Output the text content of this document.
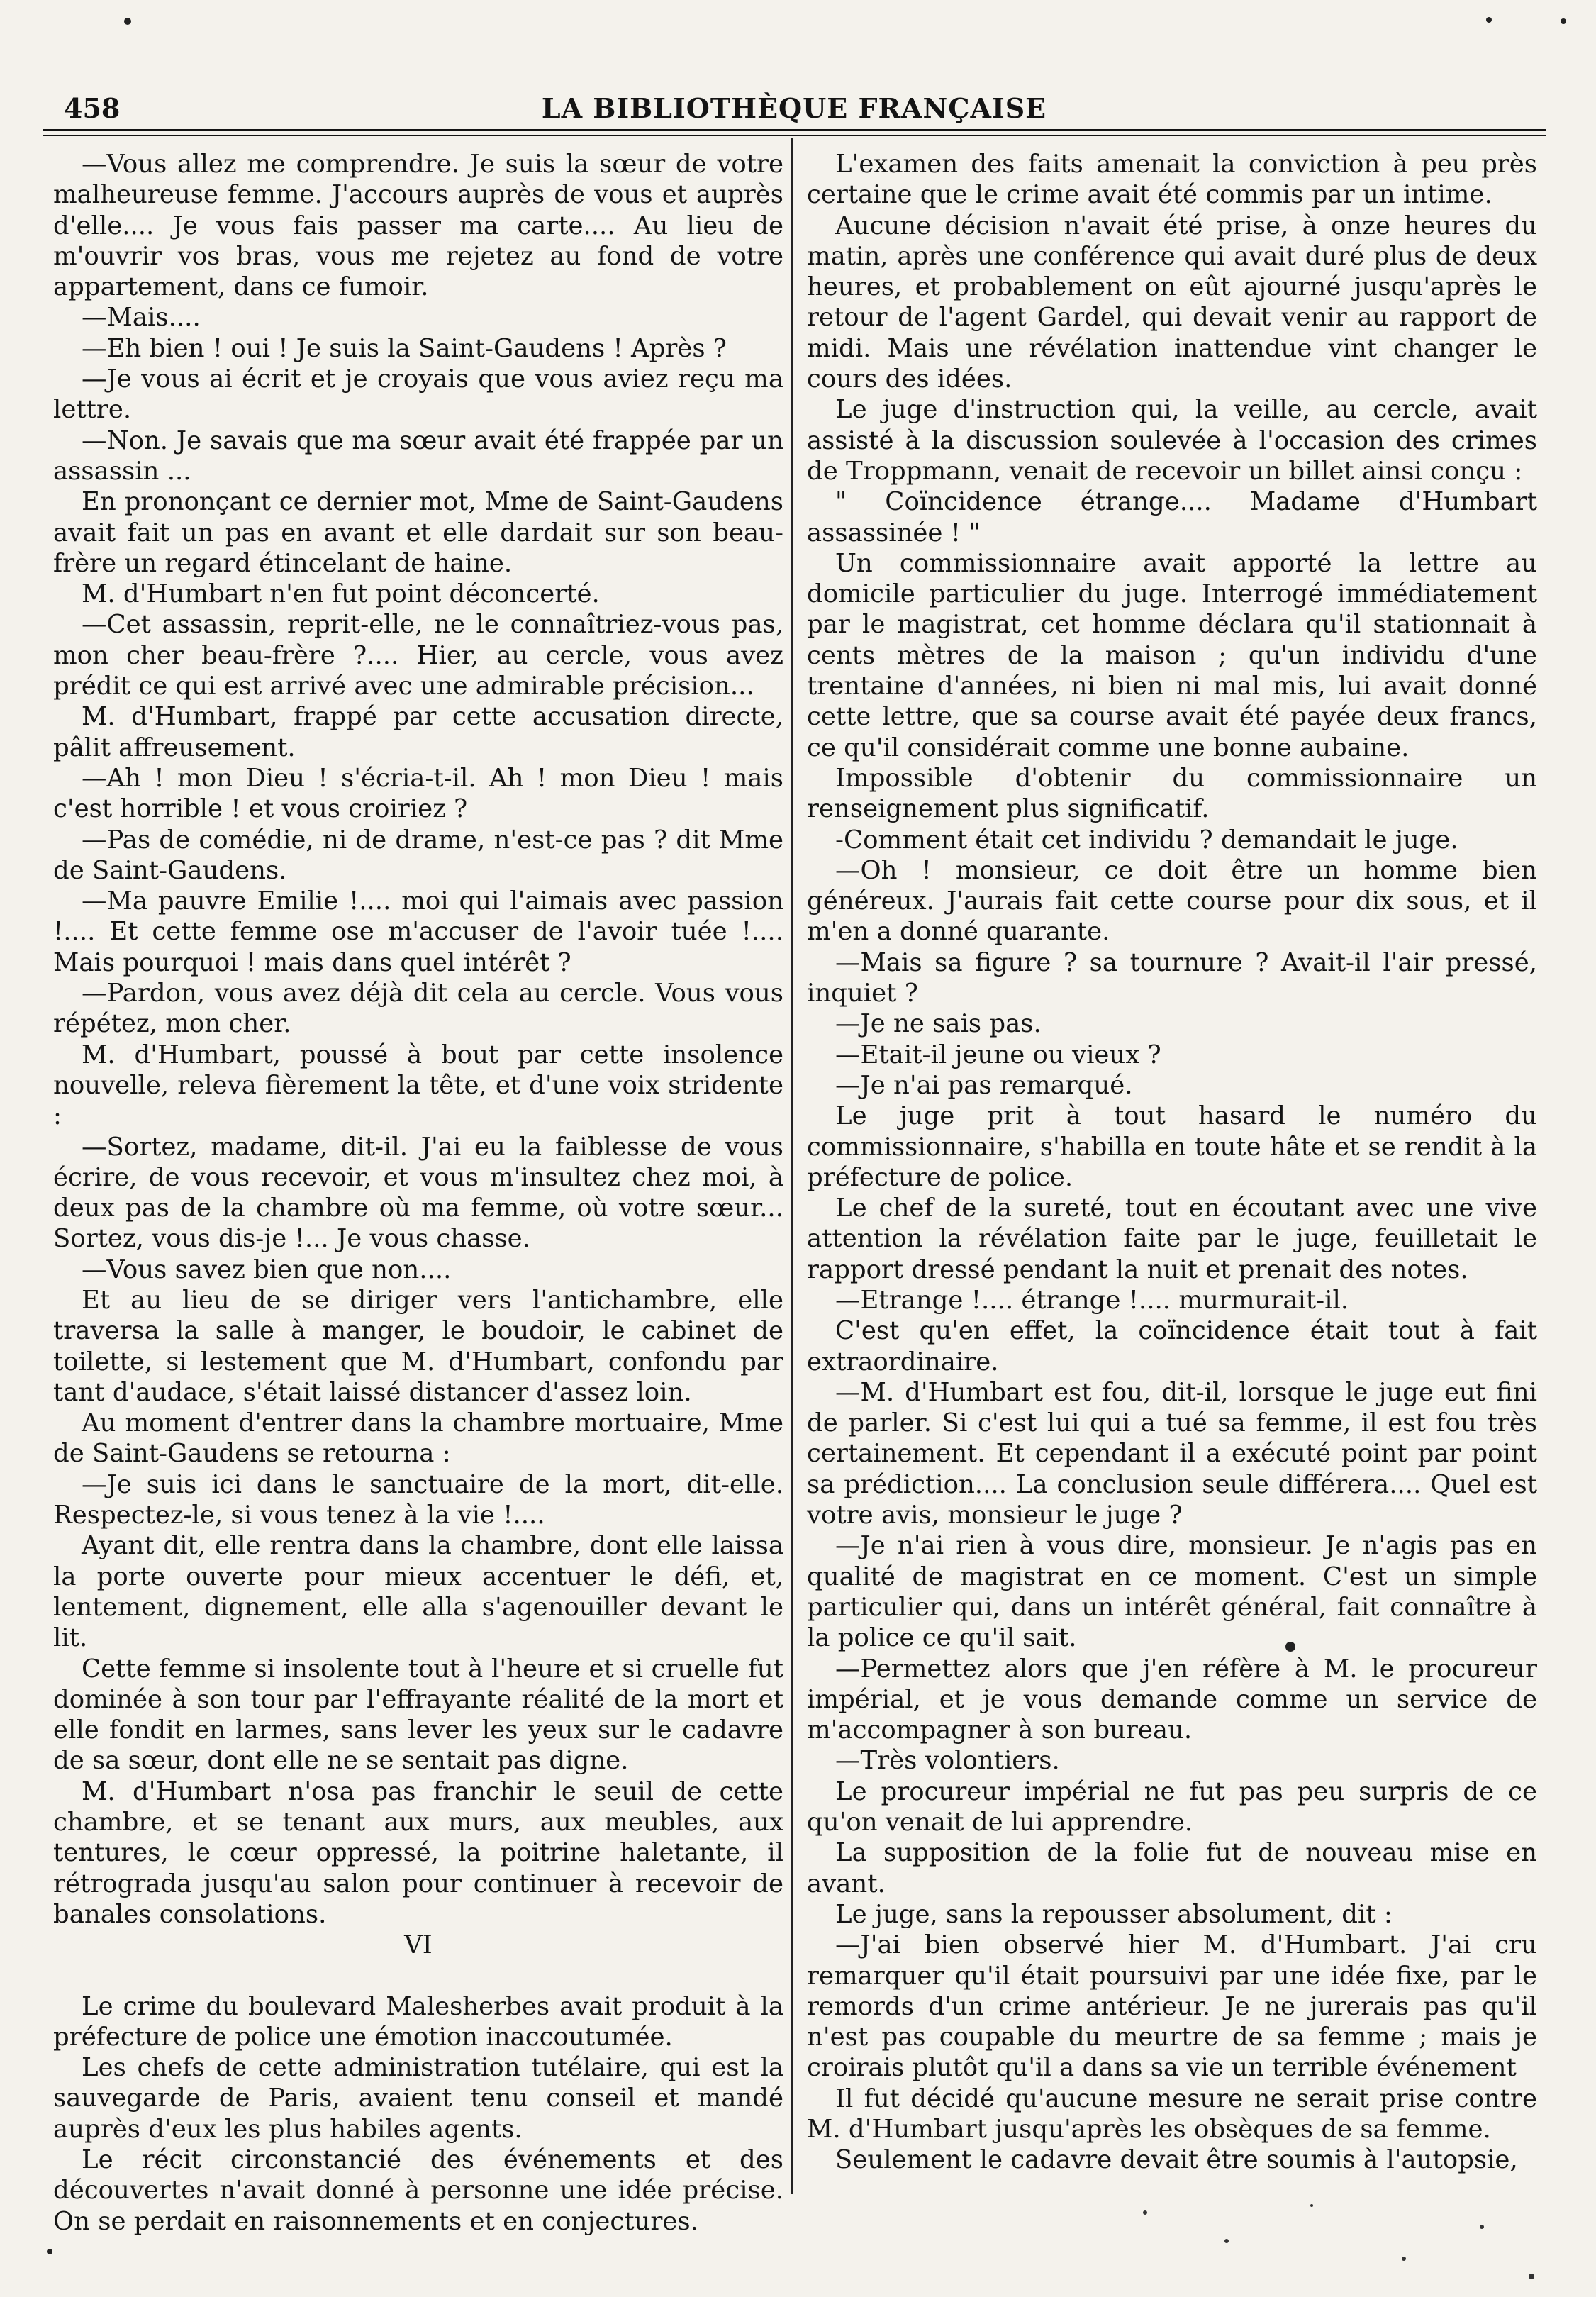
458	LA BIBLIOTHÈQUE FRANÇAISE

—Vous allez me comprendre. Je suis la sœur de votre malheureuse femme. J'accours auprès de vous et auprès d'elle.... Je vous fais passer ma carte.... Au lieu de m'ouvrir vos bras, vous me rejetez au fond de votre appartement, dans ce fumoir.

—Mais....

—Eh bien ! oui ! Je suis la Saint-Gaudens ! Après ?

—Je vous ai écrit et je croyais que vous aviez reçu ma lettre.

—Non. Je savais que ma sœur avait été frappée par un assassin ...

En prononçant ce dernier mot, Mme de Saint-Gaudens avait fait un pas en avant et elle dardait sur son beau-frère un regard étincelant de haine.

M. d'Humbart n'en fut point déconcerté.

—Cet assassin, reprit-elle, ne le connaîtriez-vous pas, mon cher beau-frère ?.... Hier, au cercle, vous avez prédit ce qui est arrivé avec une admirable précision...

M. d'Humbart, frappé par cette accusation directe, pâlit affreusement.

—Ah ! mon Dieu ! s'écria-t-il. Ah ! mon Dieu ! mais c'est horrible ! et vous croiriez ?

—Pas de comédie, ni de drame, n'est-ce pas ? dit Mme de Saint-Gaudens.

—Ma pauvre Emilie !.... moi qui l'aimais avec passion !.... Et cette femme ose m'accuser de l'avoir tuée !.... Mais pourquoi ! mais dans quel intérêt ?

—Pardon, vous avez déjà dit cela au cercle. Vous vous répétez, mon cher.

M. d'Humbart, poussé à bout par cette insolence nouvelle, releva fièrement la tête, et d'une voix stridente :

—Sortez, madame, dit-il. J'ai eu la faiblesse de vous écrire, de vous recevoir, et vous m'insultez chez moi, à deux pas de la chambre où ma femme, où votre sœur... Sortez, vous dis-je !... Je vous chasse.

—Vous savez bien que non....

Et au lieu de se diriger vers l'antichambre, elle traversa la salle à manger, le boudoir, le cabinet de toilette, si lestement que M. d'Humbart, confondu par tant d'audace, s'était laissé distancer d'assez loin.

Au moment d'entrer dans la chambre mortuaire, Mme de Saint-Gaudens se retourna :

—Je suis ici dans le sanctuaire de la mort, dit-elle. Respectez-le, si vous tenez à la vie !....

Ayant dit, elle rentra dans la chambre, dont elle laissa la porte ouverte pour mieux accentuer le défi, et, lentement, dignement, elle alla s'agenouiller devant le lit.

Cette femme si insolente tout à l'heure et si cruelle fut dominée à son tour par l'effrayante réalité de la mort et elle fondit en larmes, sans lever les yeux sur le cadavre de sa sœur, dont elle ne se sentait pas digne.

M. d'Humbart n'osa pas franchir le seuil de cette chambre, et se tenant aux murs, aux meubles, aux tentures, le cœur oppressé, la poitrine haletante, il rétrograda jusqu'au salon pour continuer à recevoir de banales consolations.

VI

Le crime du boulevard Malesherbes avait produit à la préfecture de police une émotion inaccoutumée.

Les chefs de cette administration tutélaire, qui est la sauvegarde de Paris, avaient tenu conseil et mandé auprès d'eux les plus habiles agents.

Le récit circonstancié des événements et des découvertes n'avait donné à personne une idée précise. On se perdait en raisonnements et en conjectures.

L'examen des faits amenait la conviction à peu près certaine que le crime avait été commis par un intime.

Aucune décision n'avait été prise, à onze heures du matin, après une conférence qui avait duré plus de deux heures, et probablement on eût ajourné jusqu'après le retour de l'agent Gardel, qui devait venir au rapport de midi. Mais une révélation inattendue vint changer le cours des idées.

Le juge d'instruction qui, la veille, au cercle, avait assisté à la discussion soulevée à l'occasion des crimes de Troppmann, venait de recevoir un billet ainsi conçu :

" Coïncidence étrange.... Madame d'Humbart assassinée ! "

Un commissionnaire avait apporté la lettre au domicile particulier du juge. Interrogé immédiatement par le magistrat, cet homme déclara qu'il stationnait à cents mètres de la maison ; qu'un individu d'une trentaine d'années, ni bien ni mal mis, lui avait donné cette lettre, que sa course avait été payée deux francs, ce qu'il considérait comme une bonne aubaine.

Impossible d'obtenir du commissionnaire un renseignement plus significatif.

-Comment était cet individu ? demandait le juge.

—Oh ! monsieur, ce doit être un homme bien généreux. J'aurais fait cette course pour dix sous, et il m'en a donné quarante.

—Mais sa figure ? sa tournure ? Avait-il l'air pressé, inquiet ?

—Je ne sais pas.

—Etait-il jeune ou vieux ?

—Je n'ai pas remarqué.

Le juge prit à tout hasard le numéro du commissionnaire, s'habilla en toute hâte et se rendit à la préfecture de police.

Le chef de la sureté, tout en écoutant avec une vive attention la révélation faite par le juge, feuilletait le rapport dressé pendant la nuit et prenait des notes.

—Etrange !.... étrange !.... murmurait-il.

C'est qu'en effet, la coïncidence était tout à fait extraordinaire.

—M. d'Humbart est fou, dit-il, lorsque le juge eut fini de parler. Si c'est lui qui a tué sa femme, il est fou très certainement. Et cependant il a exécuté point par point sa prédiction.... La conclusion seule différera.... Quel est votre avis, monsieur le juge ?

—Je n'ai rien à vous dire, monsieur. Je n'agis pas en qualité de magistrat en ce moment. C'est un simple particulier qui, dans un intérêt général, fait connaître à la police ce qu'il sait.

—Permettez alors que j'en réfère à M. le procureur impérial, et je vous demande comme un service de m'accompagner à son bureau.

—Très volontiers.

Le procureur impérial ne fut pas peu surpris de ce qu'on venait de lui apprendre.

La supposition de la folie fut de nouveau mise en avant.

Le juge, sans la repousser absolument, dit :

—J'ai bien observé hier M. d'Humbart. J'ai cru remarquer qu'il était poursuivi par une idée fixe, par le remords d'un crime antérieur. Je ne jurerais pas qu'il n'est pas coupable du meurtre de sa femme ; mais je croirais plutôt qu'il a dans sa vie un terrible événement

Il fut décidé qu'aucune mesure ne serait prise contre M. d'Humbart jusqu'après les obsèques de sa femme.

Seulement le cadavre devait être soumis à l'autopsie,
